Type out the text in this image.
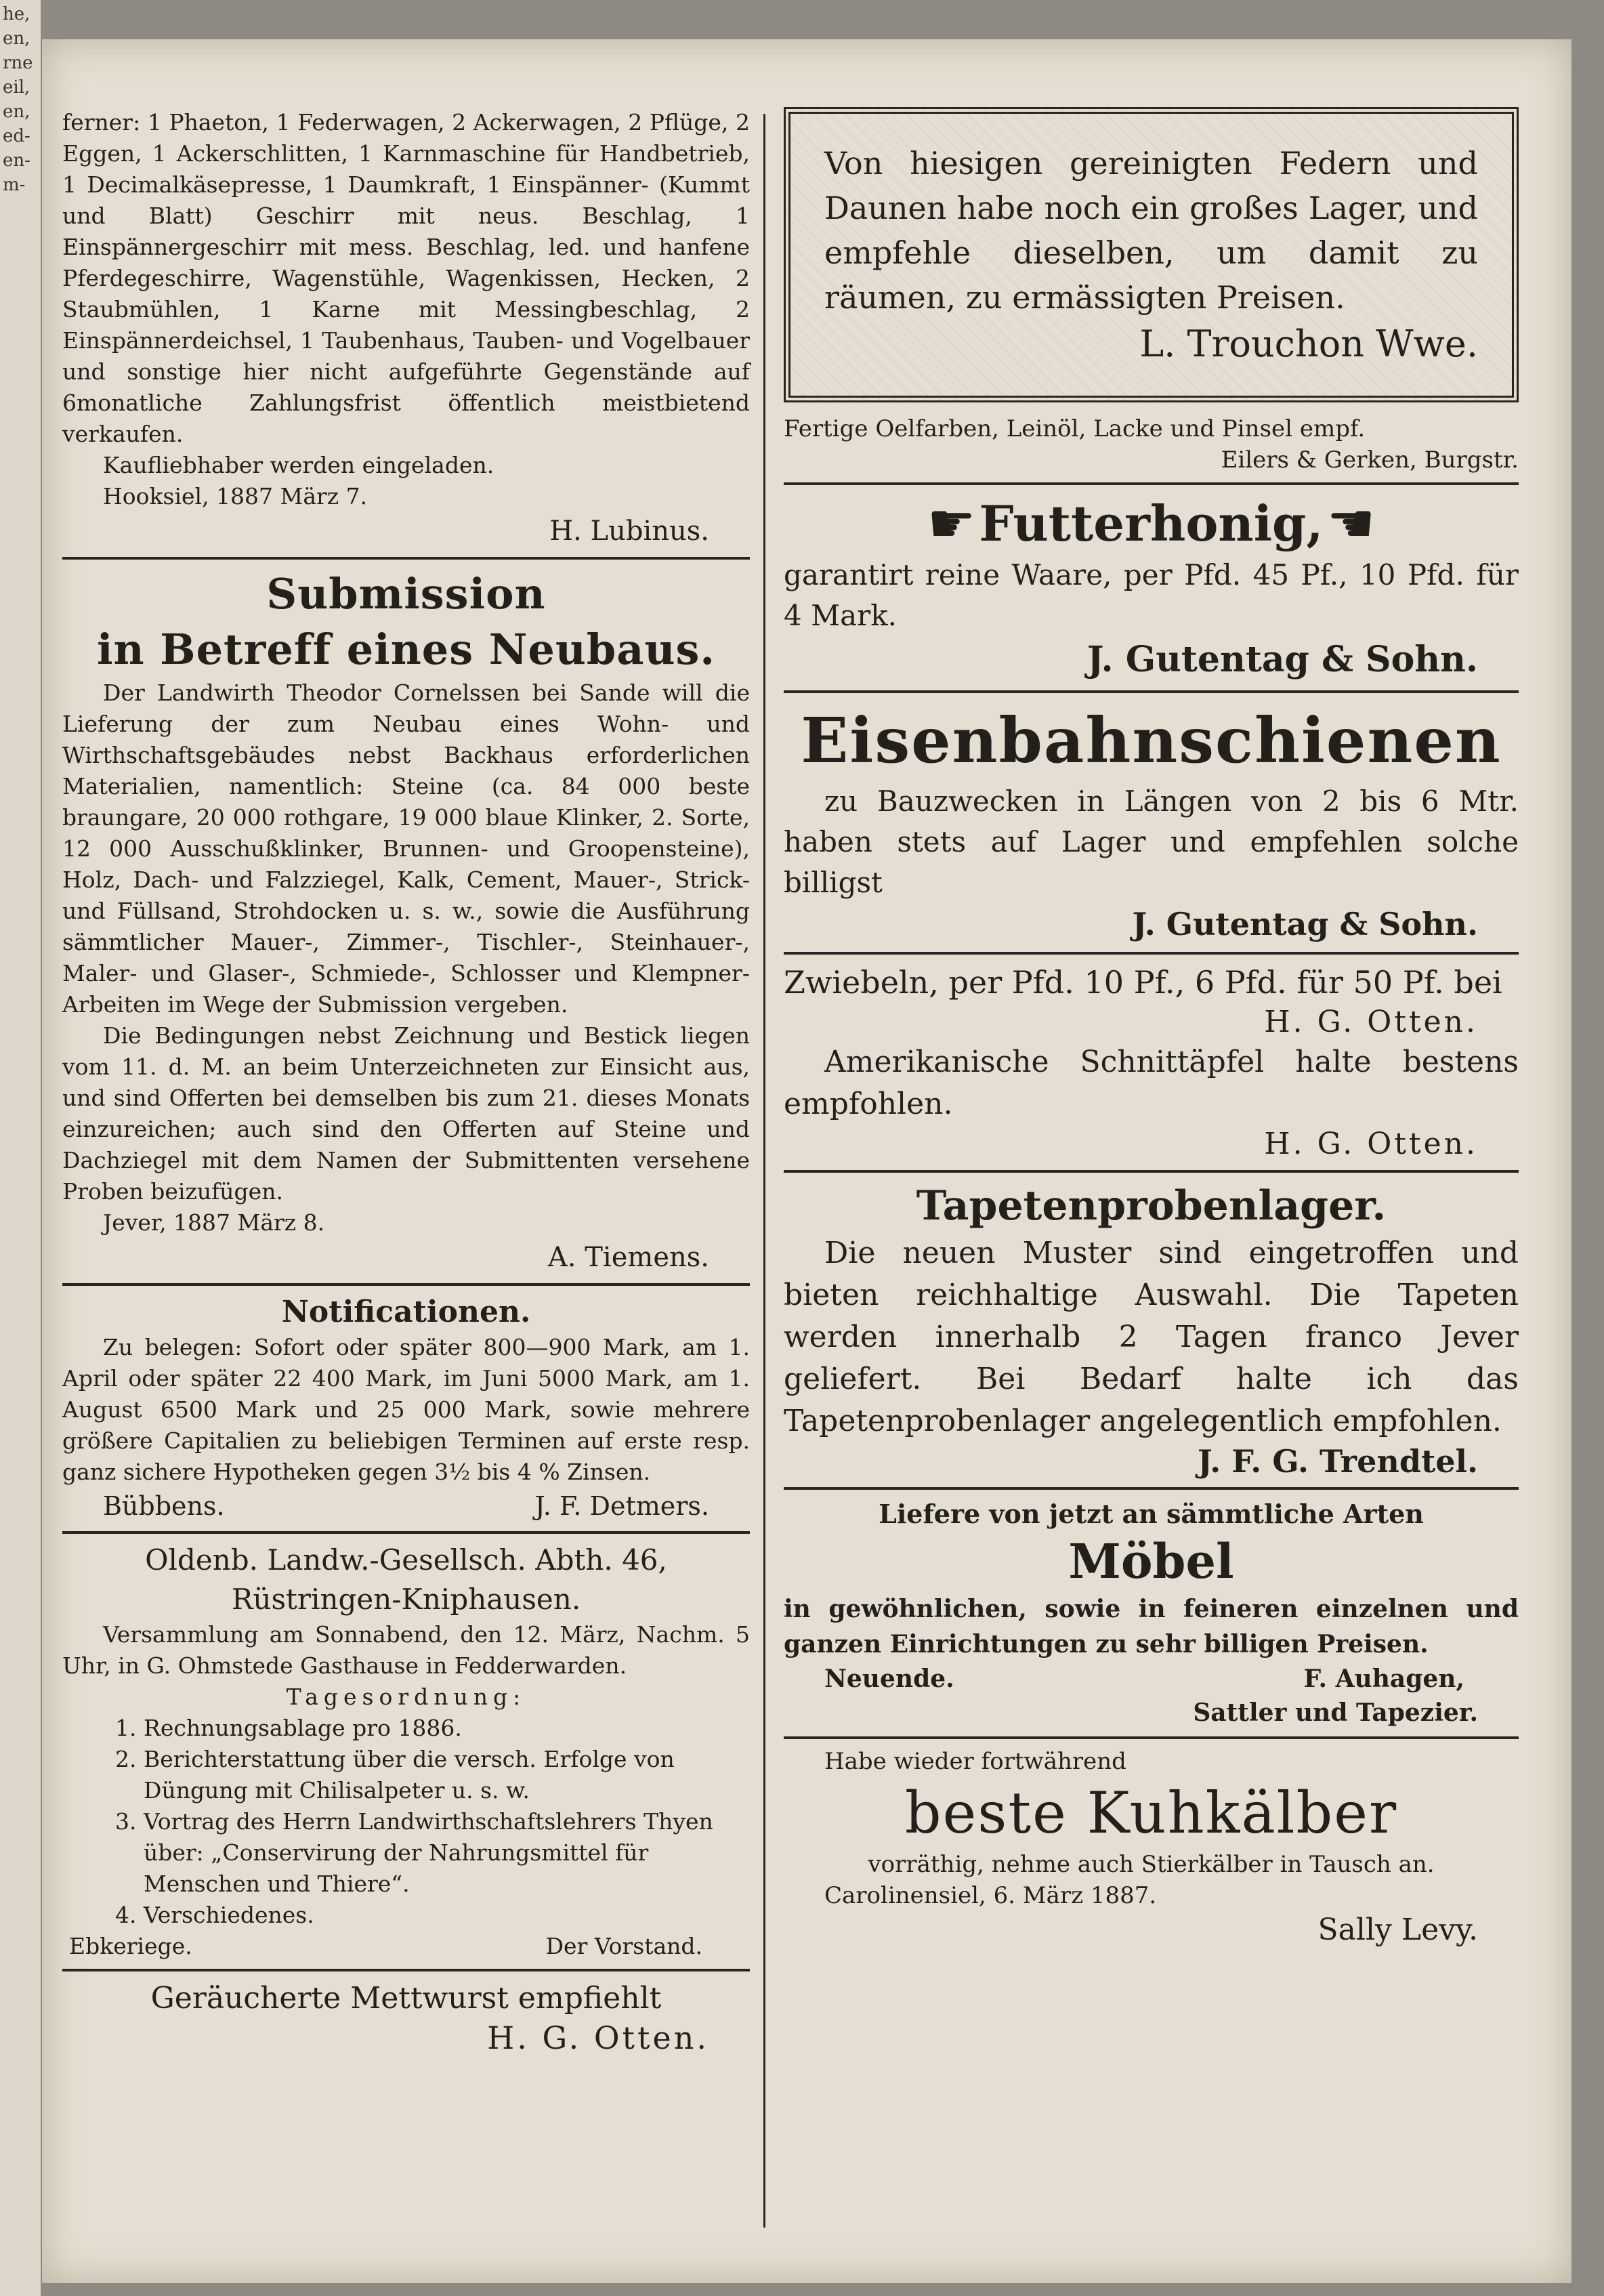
he,
en,
rne
eil,
en,
ed-
en-
m-

ferner: 1 Phaeton, 1 Federwagen, 2 Ackerwagen, 2 Pflüge, 2 Eggen, 1 Ackerschlitten, 1 Karnmaschine für Handbetrieb, 1 Decimalkäsepresse, 1 Daumkraft, 1 Einspänner- (Kummt und Blatt) Geschirr mit neus. Beschlag, 1 Einspännergeschirr mit mess. Beschlag, led. und hanfene Pferdegeschirre, Wagenstühle, Wagenkissen, Hecken, 2 Staubmühlen, 1 Karne mit Messingbeschlag, 2 Einspännerdeichsel, 1 Taubenhaus, Tauben- und Vogelbauer und sonstige hier nicht aufgeführte Gegenstände auf 6monatliche Zahlungsfrist öffentlich meistbietend verkaufen.

Kaufliebhaber werden eingeladen.

Hooksiel, 1887 März 7.

H. Lubinus.

Submission

in Betreff eines Neubaus.

Der Landwirth Theodor Cornelssen bei Sande will die Lieferung der zum Neubau eines Wohn- und Wirthschaftsgebäudes nebst Backhaus erforderlichen Materialien, namentlich: Steine (ca. 84 000 beste braungare, 20 000 rothgare, 19 000 blaue Klinker, 2. Sorte, 12 000 Ausschußklinker, Brunnen- und Groopensteine), Holz, Dach- und Falzziegel, Kalk, Cement, Mauer-, Strick- und Füllsand, Strohdocken u. s. w., sowie die Ausführung sämmtlicher Mauer-, Zimmer-, Tischler-, Steinhauer-, Maler- und Glaser-, Schmiede-, Schlosser und Klempner-Arbeiten im Wege der Submission vergeben.

Die Bedingungen nebst Zeichnung und Bestick liegen vom 11. d. M. an beim Unterzeichneten zur Einsicht aus, und sind Offerten bei demselben bis zum 21. dieses Monats einzureichen; auch sind den Offerten auf Steine und Dachziegel mit dem Namen der Submittenten versehene Proben beizufügen.

Jever, 1887 März 8.

A. Tiemens.

Notificationen.

Zu belegen: Sofort oder später 800—900 Mark, am 1. April oder später 22 400 Mark, im Juni 5000 Mark, am 1. August 6500 Mark und 25 000 Mark, sowie mehrere größere Capitalien zu beliebigen Terminen auf erste resp. ganz sichere Hypotheken gegen 3½ bis 4 % Zinsen.

Bübbens.	J. F. Detmers.

Oldenb. Landw.-Gesellsch. Abth. 46,

Rüstringen-Kniphausen.

Versammlung am Sonnabend, den 12. März, Nachm. 5 Uhr, in G. Ohmstede Gasthause in Fedderwarden.

Tagesordnung:

1. Rechnungsablage pro 1886.
2. Berichterstattung über die versch. Erfolge von Düngung mit Chilisalpeter u. s. w.
3. Vortrag des Herrn Landwirthschaftslehrers Thyen über: „Conservirung der Nahrungsmittel für Menschen und Thiere“.
4. Verschiedenes.
Ebkeriege.	Der Vorstand.

Geräucherte Mettwurst empfiehlt

H. G. Otten.

Von hiesigen gereinigten Federn und Daunen habe noch ein großes Lager, und empfehle dieselben, um damit zu räumen, zu ermässigten Preisen.

L. Trouchon Wwe.

Fertige Oelfarben, Leinöl, Lacke und Pinsel empf.

Eilers & Gerken, Burgstr.

☛ Futterhonig, ☚

garantirt reine Waare, per Pfd. 45 Pf., 10 Pfd. für 4 Mark.

J. Gutentag & Sohn.

Eisenbahnschienen

zu Bauzwecken in Längen von 2 bis 6 Mtr. haben stets auf Lager und empfehlen solche billigst

J. Gutentag & Sohn.

Zwiebeln, per Pfd. 10 Pf., 6 Pfd. für 50 Pf. bei

H. G. Otten.

Amerikanische Schnittäpfel halte bestens empfohlen.

H. G. Otten.

Tapetenprobenlager.

Die neuen Muster sind eingetroffen und bieten reichhaltige Auswahl. Die Tapeten werden innerhalb 2 Tagen franco Jever geliefert. Bei Bedarf halte ich das Tapetenprobenlager angelegentlich empfohlen.

J. F. G. Trendtel.

Liefere von jetzt an sämmtliche Arten

Möbel

in gewöhnlichen, sowie in feineren einzelnen und ganzen Einrichtungen zu sehr billigen Preisen.

Neuende.	F. Auhagen,

Sattler und Tapezier.

Habe wieder fortwährend

beste Kuhkälber

vorräthig, nehme auch Stierkälber in Tausch an.

Carolinensiel, 6. März 1887.

Sally Levy.
